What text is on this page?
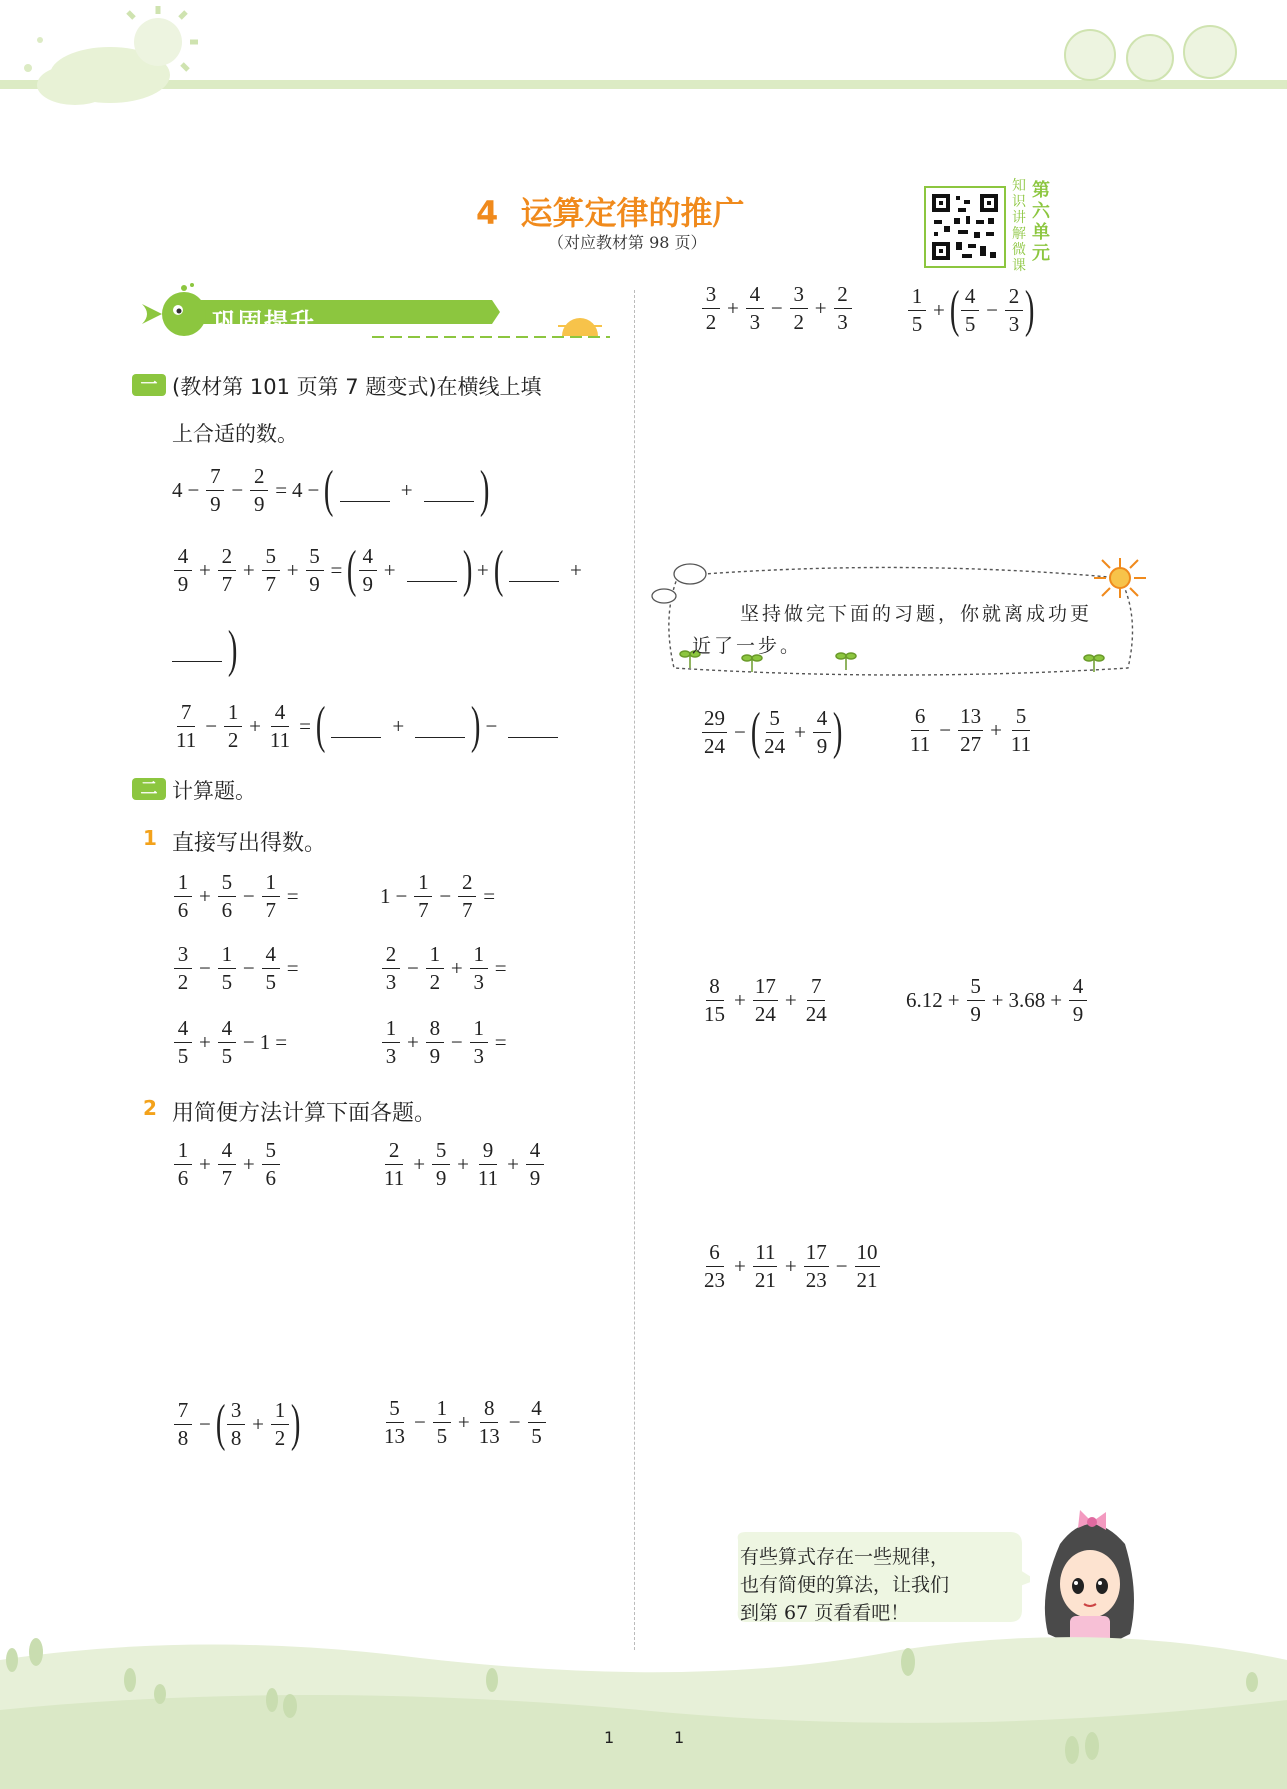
4  运算定律的推广
（对应教材第 98 页）
知识讲解微课
第六单元
巩固提升
一 (教材第 101 页第 7 题变式)在横线上填
上合适的数。
$4 - \frac{7}{9} - \frac{2}{9} = 4$ − (	+ )
$\frac{4}{9} + \frac{2}{7} + \frac{5}{7} + \frac{5}{9}$ = ( $\frac{4}{9}$ + ) + (	+
)
$\frac{7}{11} - \frac{1}{2} + \frac{4}{11}$ = (	+ ) −
二 计算题。
1 直接写出得数。
$\frac{1}{6} + \frac{5}{6} - \frac{1}{7}$ =	$1 - \frac{1}{7} - \frac{2}{7}$ =
$\frac{3}{2} - \frac{1}{5} - \frac{4}{5}$ =	$\frac{2}{3} - \frac{1}{2} + \frac{1}{3}$ =
$\frac{4}{5} + \frac{4}{5} - 1$ =	$\frac{1}{3} + \frac{8}{9} - \frac{1}{3}$ =
2 用简便方法计算下面各题。
$\frac{1}{6} + \frac{4}{7} + \frac{5}{6}$	$\frac{2}{11} + \frac{5}{9} + \frac{9}{11} + \frac{4}{9}$
$\frac{7}{8}$ − ( $\frac{3}{8} + \frac{1}{2}$ )	$\frac{5}{13} - \frac{1}{5} + \frac{8}{13} - \frac{4}{5}$
$\frac{3}{2} + \frac{4}{3} - \frac{3}{2} + \frac{2}{3}$	$\frac{1}{5}$ + ( $\frac{4}{5} - \frac{2}{3}$ )
坚持做完下面的习题，你就离成功更
近了一步。
$\frac{29}{24}$ − ( $\frac{5}{24} + \frac{4}{9}$ )	$\frac{6}{11} - \frac{13}{27} + \frac{5}{11}$
$\frac{8}{15} + \frac{17}{24} + \frac{7}{24}$	$6.12 + \frac{5}{9} + 3.68 + \frac{4}{9}$
$\frac{6}{23} + \frac{11}{21} + \frac{17}{23} - \frac{10}{21}$
有些算式存在一些规律，
也有简便的算法，让我们
到第 67 页看看吧！
1	1
